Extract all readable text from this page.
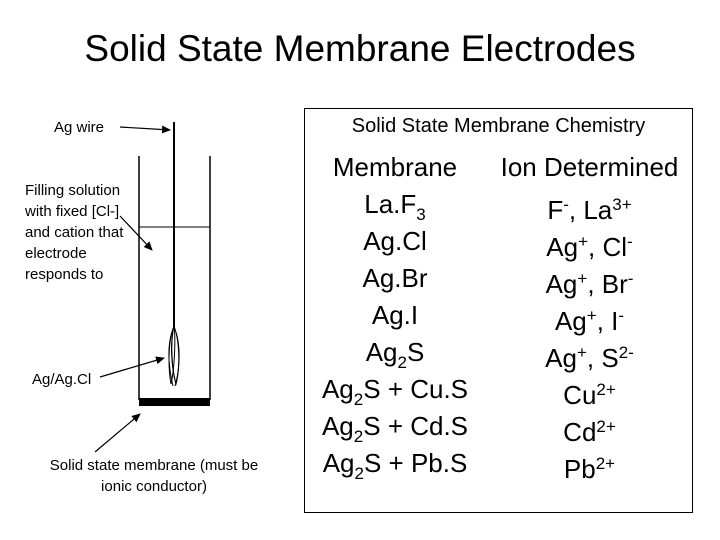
Solid State Membrane Electrodes
Ag wire
Filling solution with fixed [Cl-] and cation that electrode responds to
Ag/Ag.Cl
Solid state membrane (must be ionic conductor)
Solid State Membrane Chemistry
Membrane
$La.F_3$
Ag.Cl
Ag.Br
Ag.I
$Ag_2S$
$Ag_2S + Cu.S$
$Ag_2S + Cd.S$
$Ag_2S + Pb.S$
Ion Determined
F-, $La^{3+}$
Ag+, Cl-
Ag+, Br-
Ag+, I-
Ag+, $S^{2-}$
$Cu^{2+}$
$Cd^{2+}$
$Pb^{2+}$
